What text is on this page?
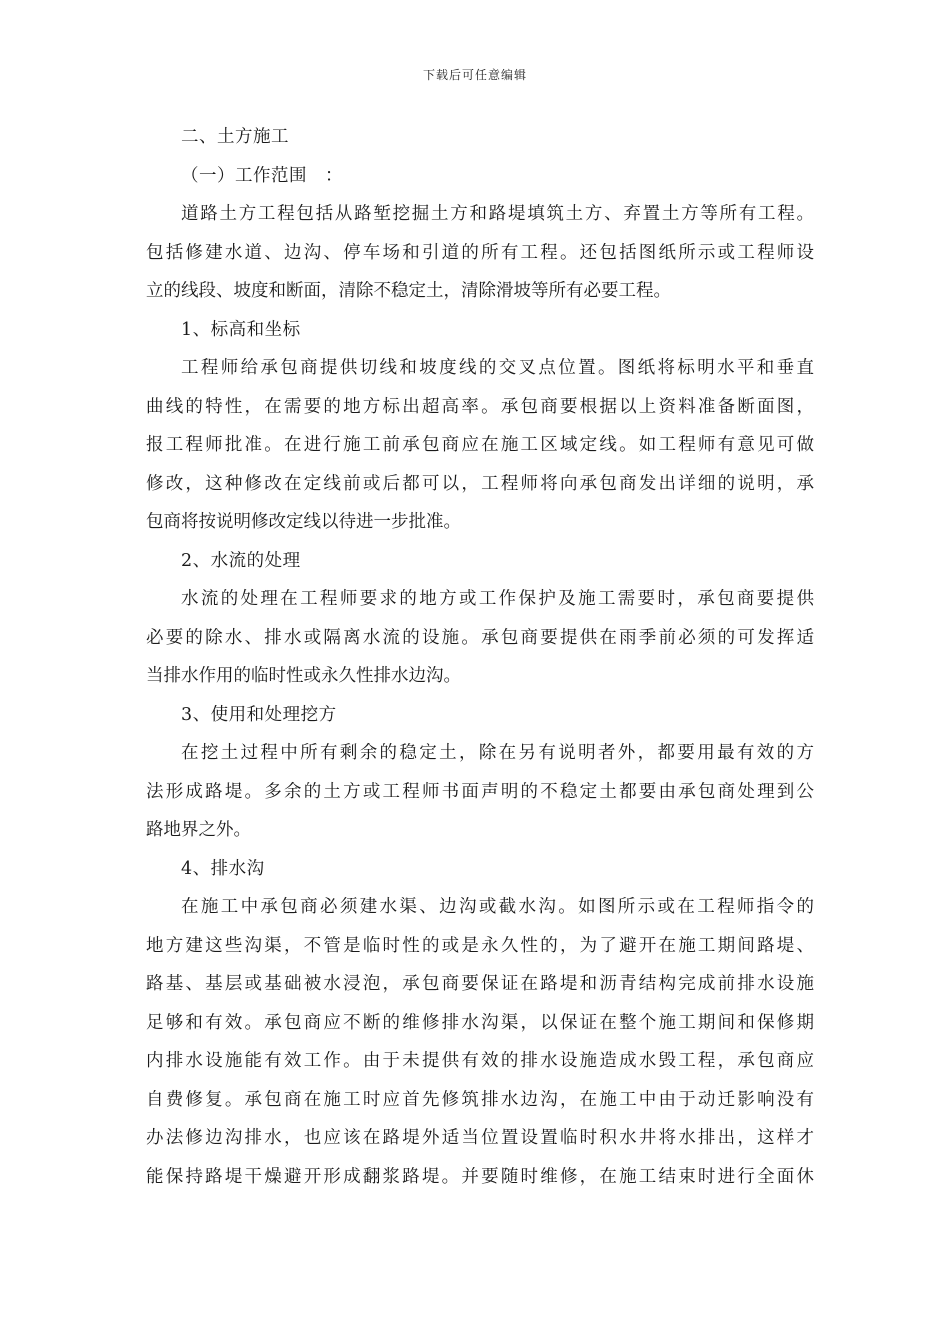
下载后可任意编辑

二、土方施工

（一）工作范围　：

道路土方工程包括从路堑挖掘土方和路堤填筑土方、弃置土方等所有工程。

包括修建水道、边沟、停车场和引道的所有工程。还包括图纸所示或工程师设

立的线段、坡度和断面，清除不稳定土，清除滑坡等所有必要工程。

1、标高和坐标

工程师给承包商提供切线和坡度线的交叉点位置。图纸将标明水平和垂直

曲线的特性，在需要的地方标出超高率。承包商要根据以上资料准备断面图，

报工程师批准。在进行施工前承包商应在施工区域定线。如工程师有意见可做

修改，这种修改在定线前或后都可以，工程师将向承包商发出详细的说明，承

包商将按说明修改定线以待进一步批准。

2、水流的处理

水流的处理在工程师要求的地方或工作保护及施工需要时，承包商要提供

必要的除水、排水或隔离水流的设施。承包商要提供在雨季前必须的可发挥适

当排水作用的临时性或永久性排水边沟。

3、使用和处理挖方

在挖土过程中所有剩余的稳定土，除在另有说明者外，都要用最有效的方

法形成路堤。多余的土方或工程师书面声明的不稳定土都要由承包商处理到公

路地界之外。

4、排水沟

在施工中承包商必须建水渠、边沟或截水沟。如图所示或在工程师指令的

地方建这些沟渠，不管是临时性的或是永久性的，为了避开在施工期间路堤、

路基、基层或基础被水浸泡，承包商要保证在路堤和沥青结构完成前排水设施

足够和有效。承包商应不断的维修排水沟渠，以保证在整个施工期间和保修期

内排水设施能有效工作。由于未提供有效的排水设施造成水毁工程，承包商应

自费修复。承包商在施工时应首先修筑排水边沟，在施工中由于动迁影响没有

办法修边沟排水，也应该在路堤外适当位置设置临时积水井将水排出，这样才

能保持路堤干燥避开形成翻浆路堤。并要随时维修，在施工结束时进行全面休
